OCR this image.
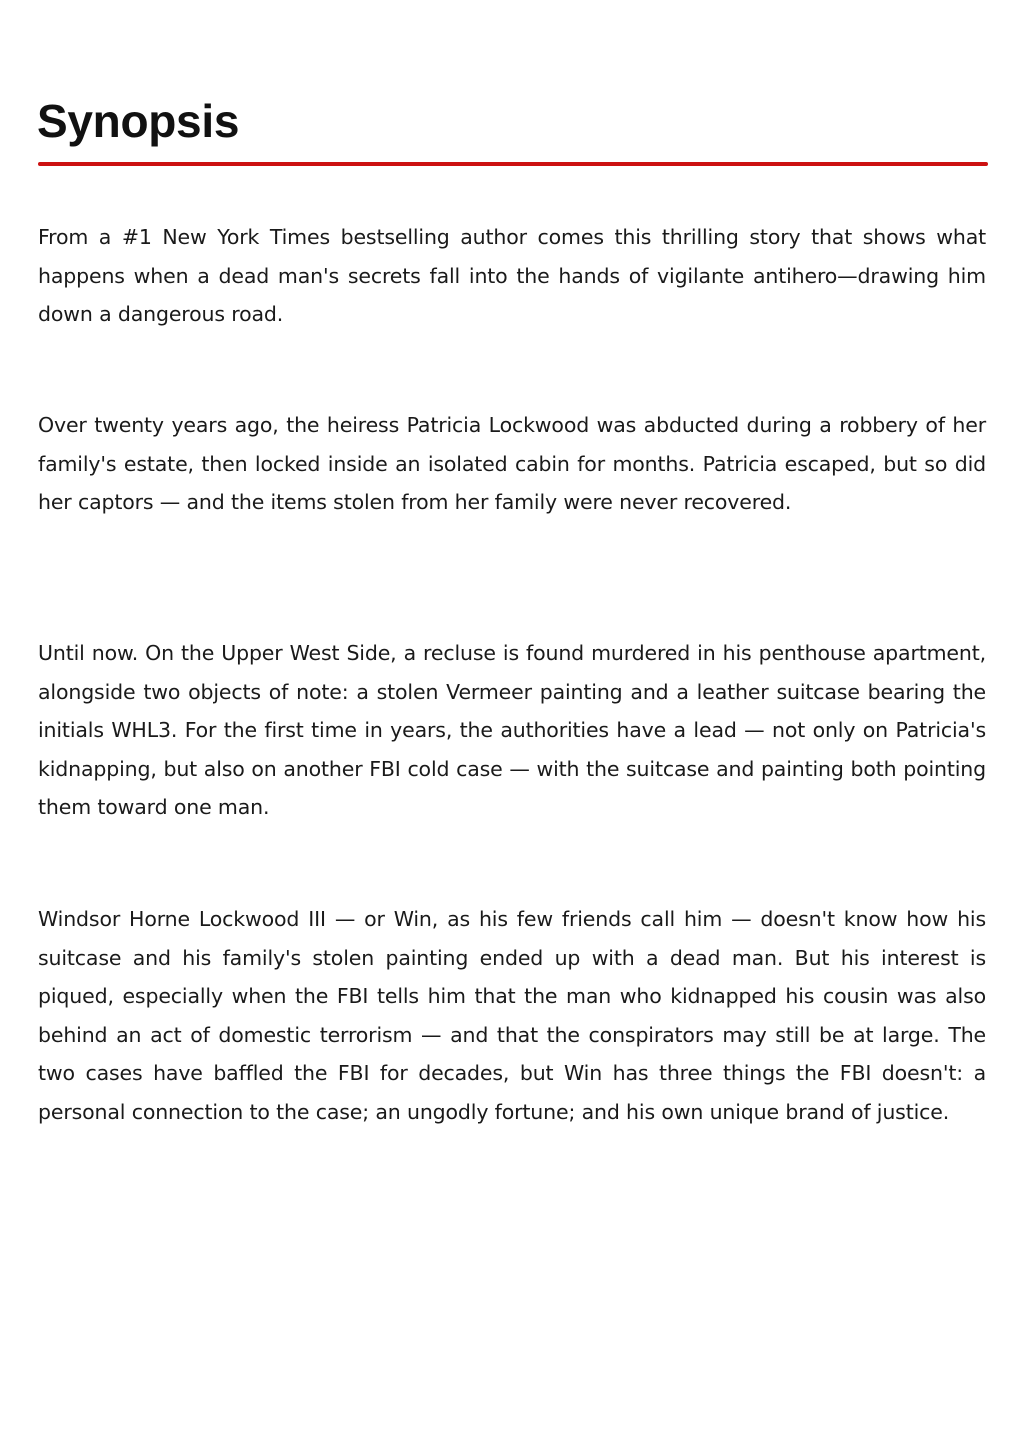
Synopsis

From a #1 New York Times bestselling author comes this thrilling story that shows what happens when a dead man's secrets fall into the hands of vigilante antihero—drawing him down a dangerous road.

Over twenty years ago, the heiress Patricia Lockwood was abducted during a robbery of her family's estate, then locked inside an isolated cabin for months. Patricia escaped, but so did her captors — and the items stolen from her family were never recovered.

Until now. On the Upper West Side, a recluse is found murdered in his penthouse apartment, alongside two objects of note: a stolen Vermeer painting and a leather suitcase bearing the initials WHL3. For the first time in years, the authorities have a lead — not only on Patricia's kidnapping, but also on another FBI cold case — with the suitcase and painting both pointing them toward one man.

Windsor Horne Lockwood III — or Win, as his few friends call him — doesn't know how his suitcase and his family's stolen painting ended up with a dead man. But his interest is piqued, especially when the FBI tells him that the man who kidnapped his cousin was also behind an act of domestic terrorism — and that the conspirators may still be at large. The two cases have baffled the FBI for decades, but Win has three things the FBI doesn't: a personal connection to the case; an ungodly fortune; and his own unique brand of justice.
